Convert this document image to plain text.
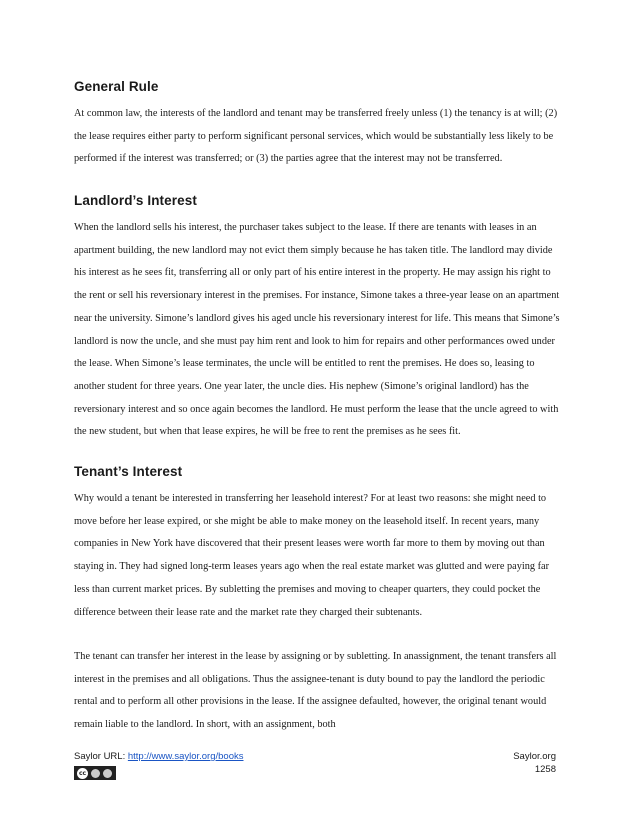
General Rule

At common law, the interests of the landlord and tenant may be transferred freely unless (1) the tenancy is at will; (2) the lease requires either party to perform significant personal services, which would be substantially less likely to be performed if the interest was transferred; or (3) the parties agree that the interest may not be transferred.

Landlord’s Interest

When the landlord sells his interest, the purchaser takes subject to the lease. If there are tenants with leases in an apartment building, the new landlord may not evict them simply because he has taken title. The landlord may divide his interest as he sees fit, transferring all or only part of his entire interest in the property. He may assign his right to the rent or sell his reversionary interest in the premises. For instance, Simone takes a three-year lease on an apartment near the university. Simone’s landlord gives his aged uncle his reversionary interest for life. This means that Simone’s landlord is now the uncle, and she must pay him rent and look to him for repairs and other performances owed under the lease. When Simone’s lease terminates, the uncle will be entitled to rent the premises. He does so, leasing to another student for three years. One year later, the uncle dies. His nephew (Simone’s original landlord) has the reversionary interest and so once again becomes the landlord. He must perform the lease that the uncle agreed to with the new student, but when that lease expires, he will be free to rent the premises as he sees fit.

Tenant’s Interest

Why would a tenant be interested in transferring her leasehold interest? For at least two reasons: she might need to move before her lease expired, or she might be able to make money on the leasehold itself. In recent years, many companies in New York have discovered that their present leases were worth far more to them by moving out than staying in. They had signed long-term leases years ago when the real estate market was glutted and were paying far less than current market prices. By subletting the premises and moving to cheaper quarters, they could pocket the difference between their lease rate and the market rate they charged their subtenants.

The tenant can transfer her interest in the lease by assigning or by subletting. In anassignment, the tenant transfers all interest in the premises and all obligations. Thus the assignee-tenant is duty bound to pay the landlord the periodic rental and to perform all other provisions in the lease. If the assignee defaulted, however, the original tenant would remain liable to the landlord. In short, with an assignment, both

Saylor URL: http://www.saylor.org/books
cc
Saylor.org
1258
